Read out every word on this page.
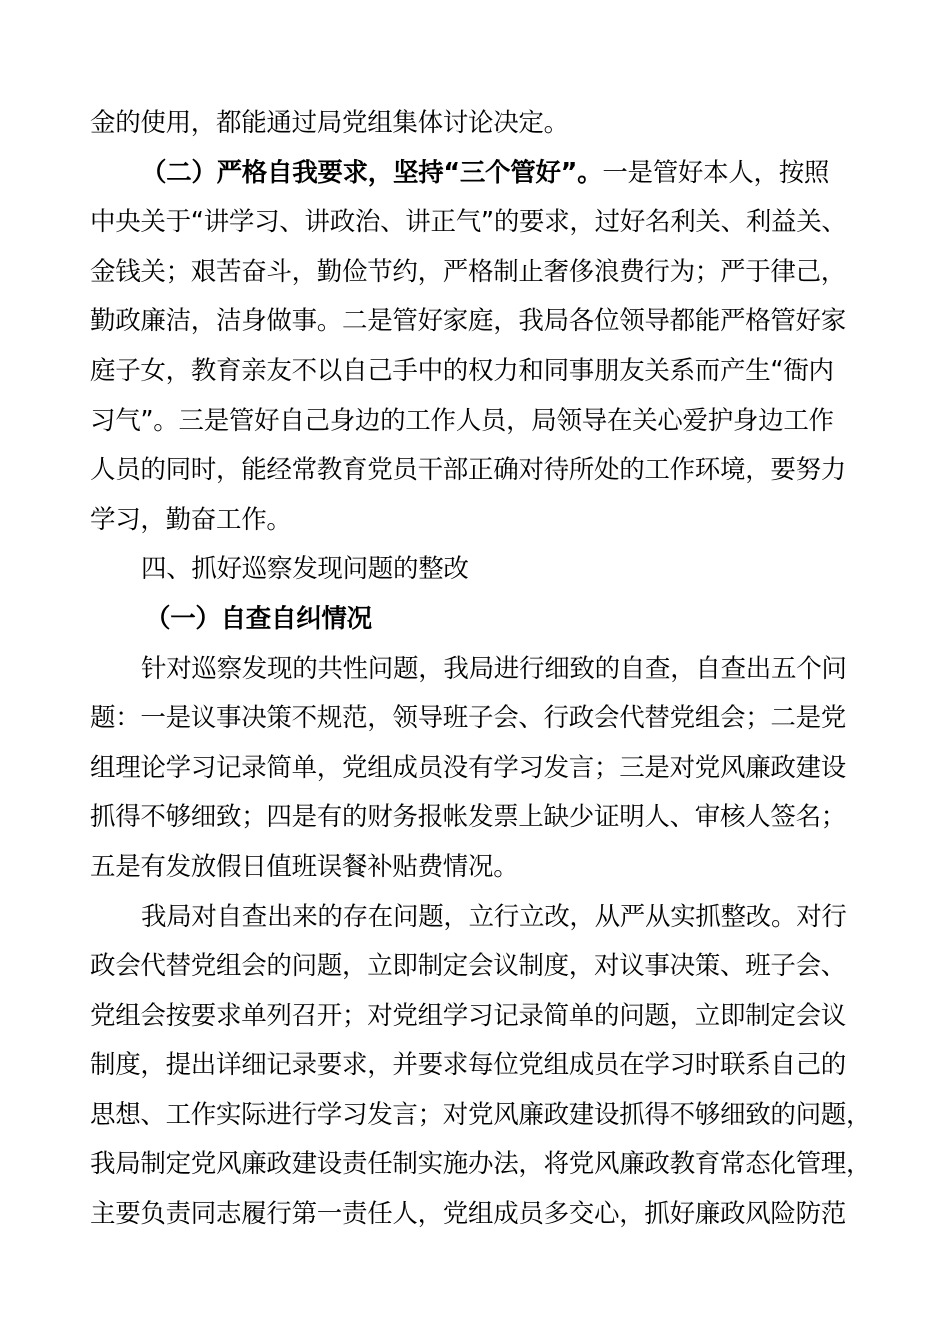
金的使用，都能通过局党组集体讨论决定。
（二）严格自我要求，坚持“三个管好”。一是管好本人，按照
中央关于“讲学习、讲政治、讲正气”的要求，过好名利关、利益关、
金钱关；艰苦奋斗，勤俭节约，严格制止奢侈浪费行为；严于律己，
勤政廉洁，洁身做事。二是管好家庭，我局各位领导都能严格管好家
庭子女，教育亲友不以自己手中的权力和同事朋友关系而产生“衙内
习气”。三是管好自己身边的工作人员，局领导在关心爱护身边工作
人员的同时，能经常教育党员干部正确对待所处的工作环境，要努力
学习，勤奋工作。
四、抓好巡察发现问题的整改
（一）自查自纠情况
针对巡察发现的共性问题，我局进行细致的自查，自查出五个问
题：一是议事决策不规范，领导班子会、行政会代替党组会；二是党
组理论学习记录简单，党组成员没有学习发言；三是对党风廉政建设
抓得不够细致；四是有的财务报帐发票上缺少证明人、审核人签名；
五是有发放假日值班误餐补贴费情况。
我局对自查出来的存在问题，立行立改，从严从实抓整改。对行
政会代替党组会的问题，立即制定会议制度，对议事决策、班子会、
党组会按要求单列召开；对党组学习记录简单的问题，立即制定会议
制度，提出详细记录要求，并要求每位党组成员在学习时联系自己的
思想、工作实际进行学习发言；对党风廉政建设抓得不够细致的问题，
我局制定党风廉政建设责任制实施办法，将党风廉政教育常态化管理，
主要负责同志履行第一责任人，党组成员多交心，抓好廉政风险防范
